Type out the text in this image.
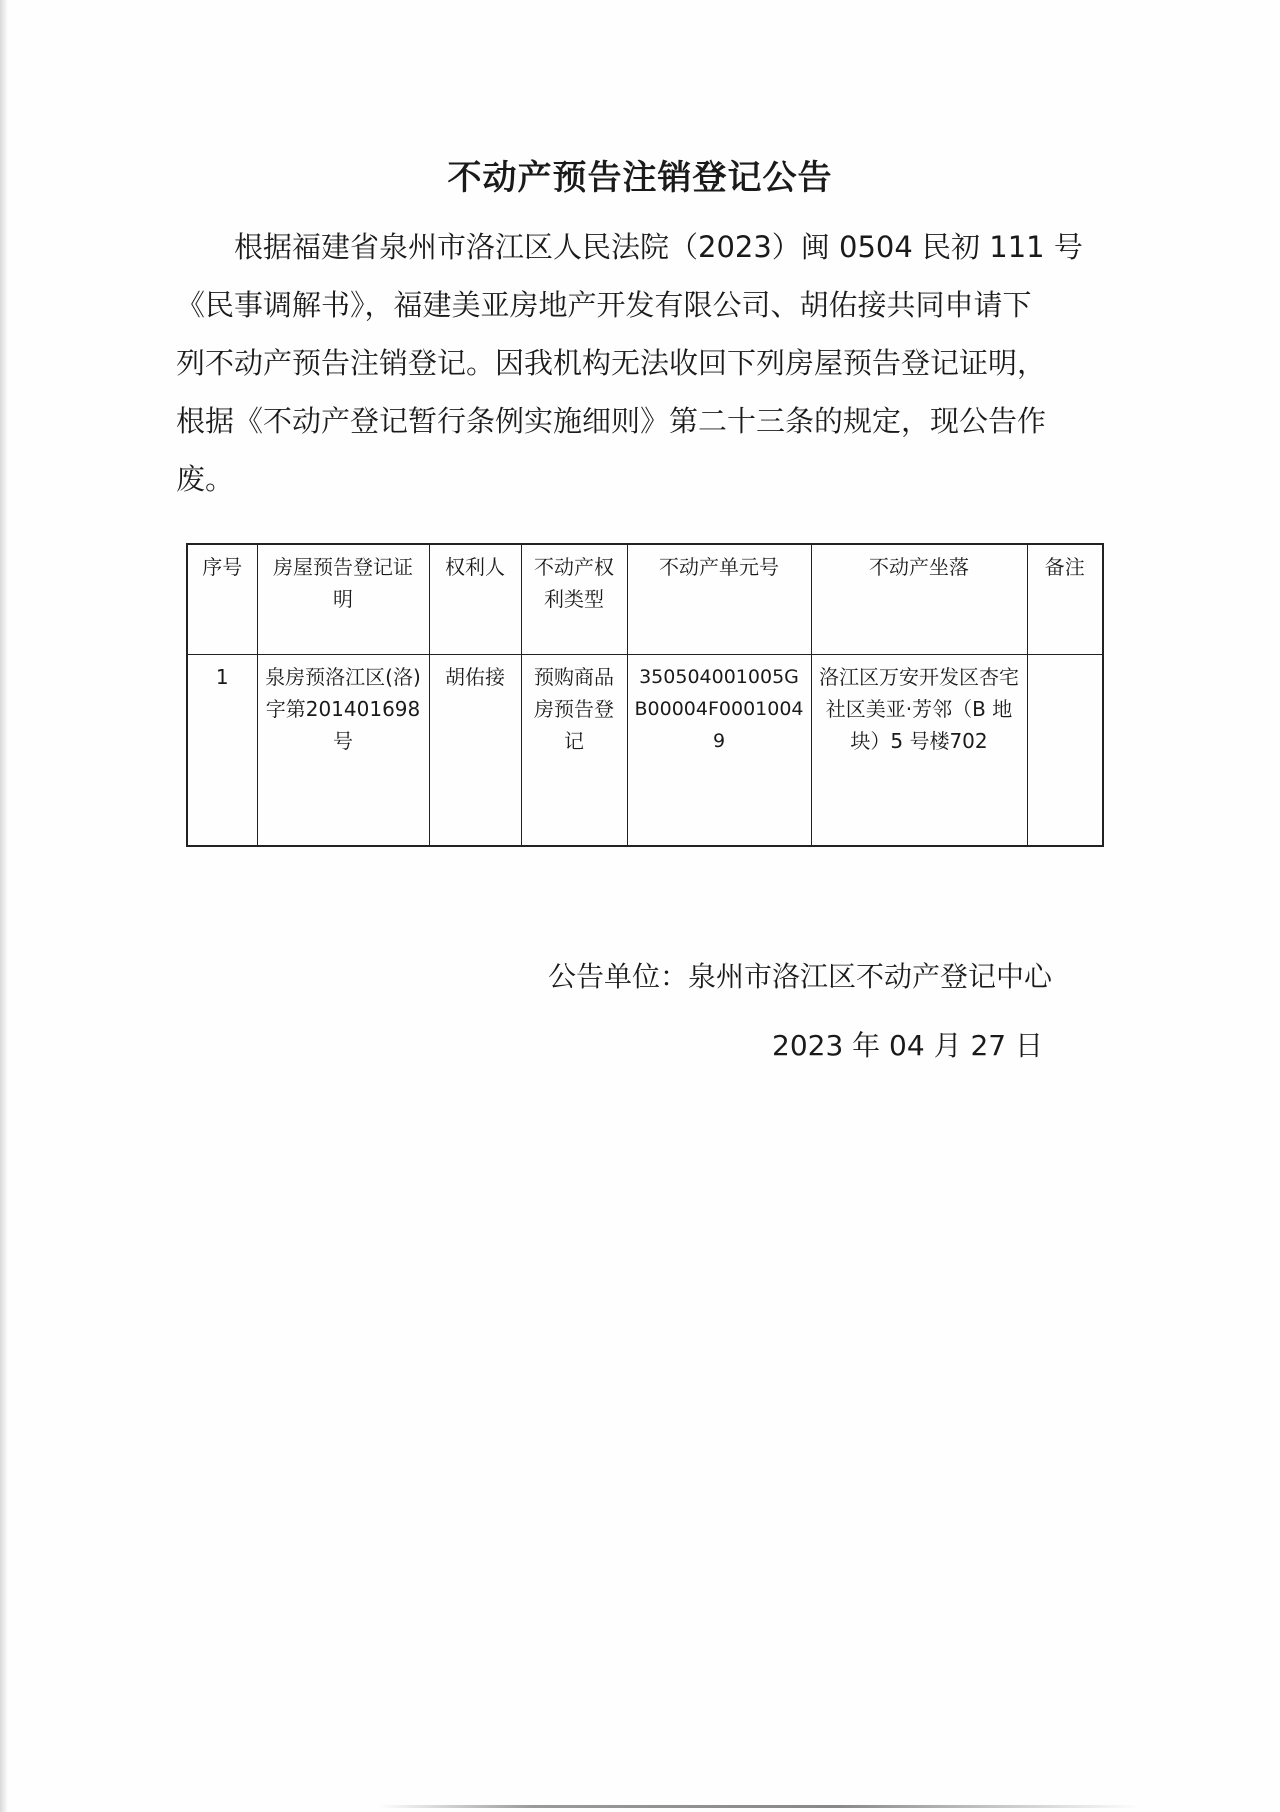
不动产预告注销登记公告

根据福建省泉州市洛江区人民法院（2023）闽 0504 民初 111 号

《民事调解书》，福建美亚房地产开发有限公司、胡佑接共同申请下

列不动产预告注销登记。因我机构无法收回下列房屋预告登记证明，

根据《不动产登记暂行条例实施细则》第二十三条的规定，现公告作

废。

序号	房屋预告登记证明	权利人	不动产权利类型	不动产单元号	不动产坐落	备注
1	泉房预洛江区(洛)字第201401698 号	胡佑接	预购商品房预告登记	350504001005GB00004F00010049	洛江区万安开发区杏宅社区美亚·芳邻（B 地块）5 号楼702	

公告单位：泉州市洛江区不动产登记中心

2023 年 04 月 27 日
